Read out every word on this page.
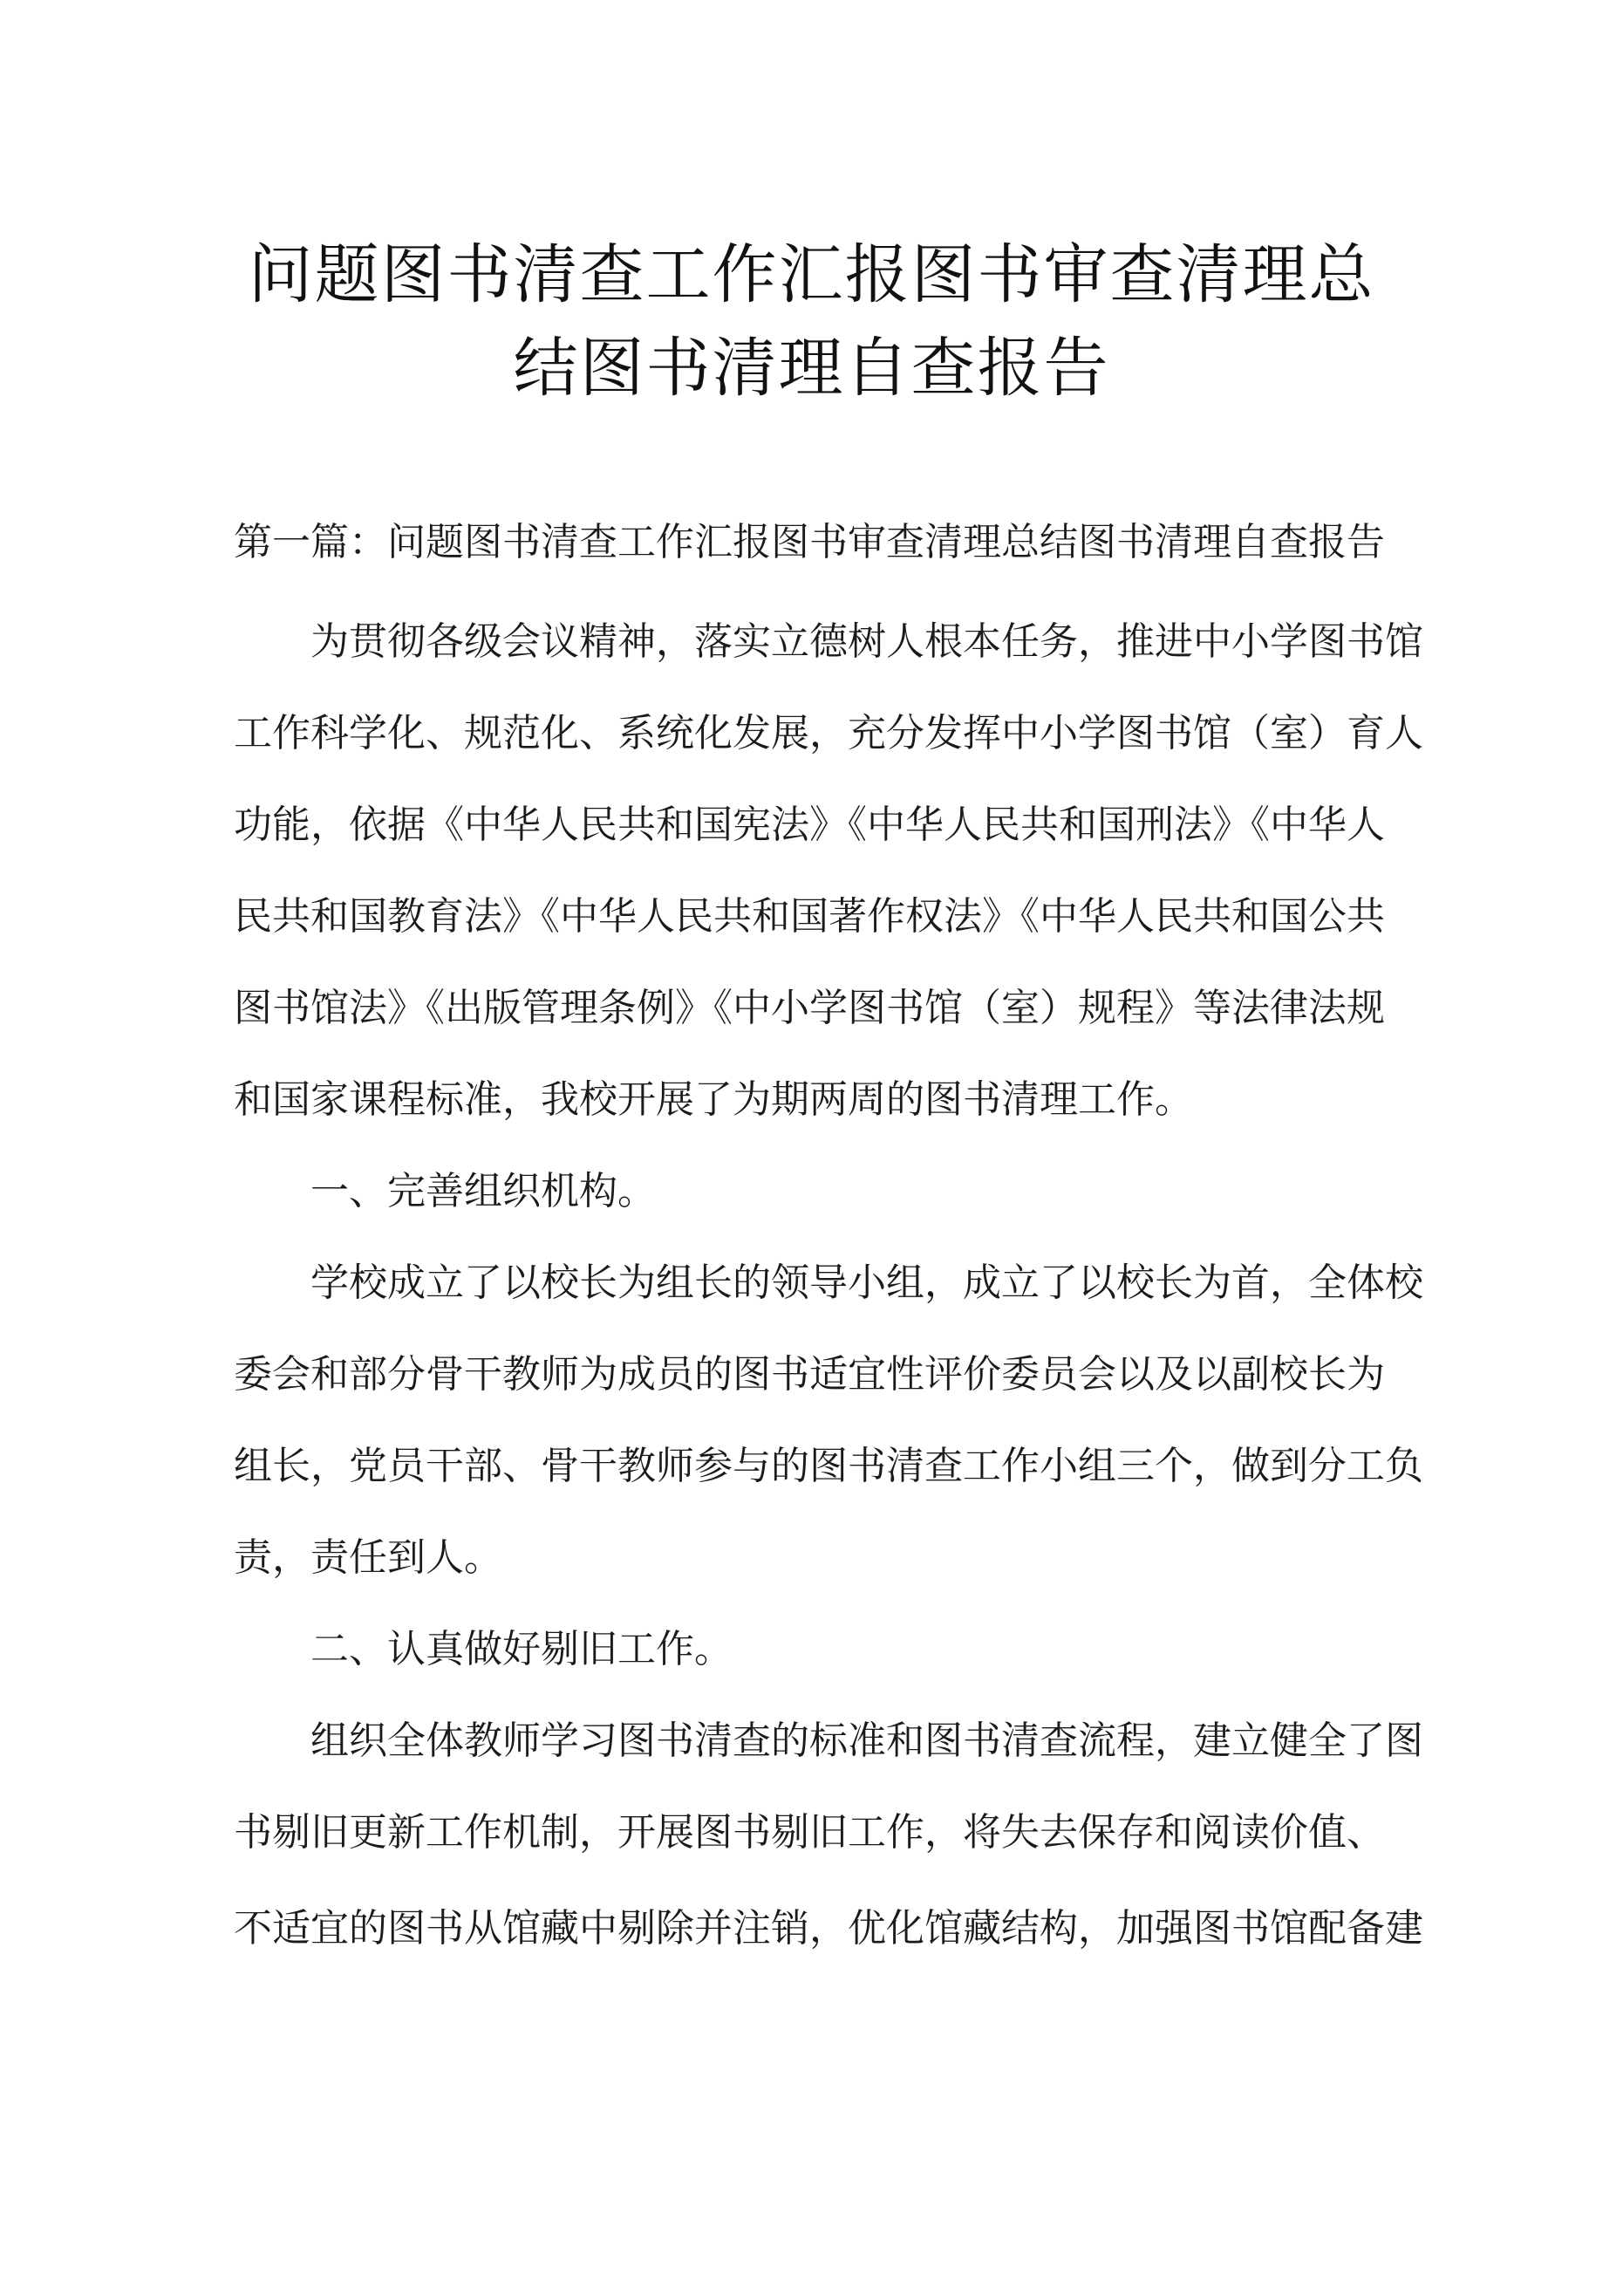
问题图书清查工作汇报图书审查清理总
结图书清理自查报告
第一篇：问题图书清查工作汇报图书审查清理总结图书清理自查报告
为贯彻各级会议精神，落实立德树人根本任务，推进中小学图书馆
工作科学化、规范化、系统化发展，充分发挥中小学图书馆（室）育人
功能，依据《中华人民共和国宪法》《中华人民共和国刑法》《中华人
民共和国教育法》《中华人民共和国著作权法》《中华人民共和国公共
图书馆法》《出版管理条例》《中小学图书馆（室）规程》等法律法规
和国家课程标准，我校开展了为期两周的图书清理工作。
一、完善组织机构。
学校成立了以校长为组长的领导小组，成立了以校长为首，全体校
委会和部分骨干教师为成员的图书适宜性评价委员会以及以副校长为
组长，党员干部、骨干教师参与的图书清查工作小组三个，做到分工负
责，责任到人。
二、认真做好剔旧工作。
组织全体教师学习图书清查的标准和图书清查流程，建立健全了图
书剔旧更新工作机制，开展图书剔旧工作，将失去保存和阅读价值、
不适宜的图书从馆藏中剔除并注销，优化馆藏结构，加强图书馆配备建
